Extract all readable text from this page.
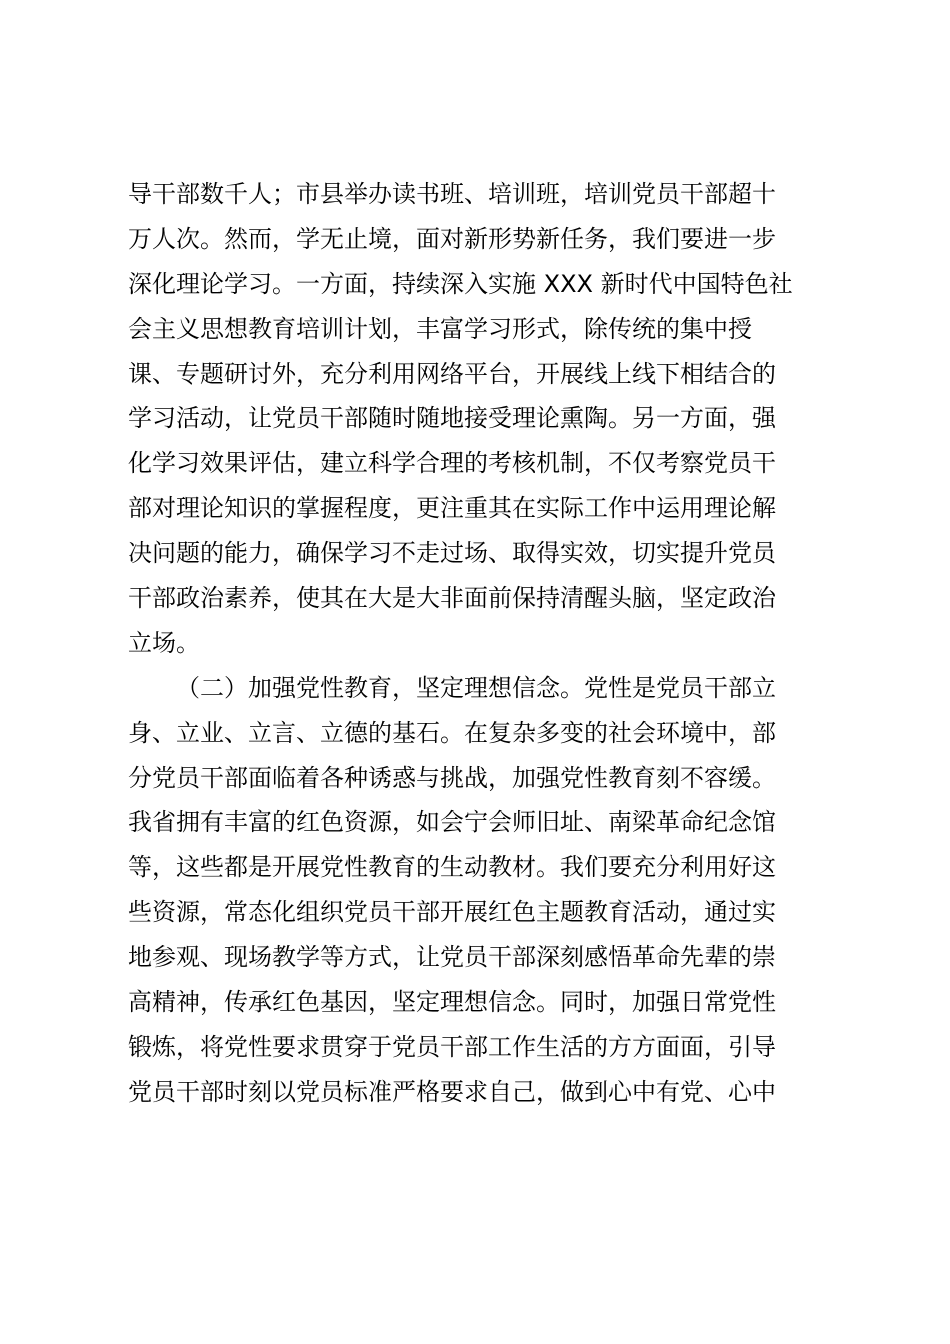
导干部数千人；市县举办读书班、培训班，培训党员干部超十
万人次。然而，学无止境，面对新形势新任务，我们要进一步
深化理论学习。一方面，持续深入实施 XXX 新时代中国特色社
会主义思想教育培训计划，丰富学习形式，除传统的集中授
课、专题研讨外，充分利用网络平台，开展线上线下相结合的
学习活动，让党员干部随时随地接受理论熏陶。另一方面，强
化学习效果评估，建立科学合理的考核机制，不仅考察党员干
部对理论知识的掌握程度，更注重其在实际工作中运用理论解
决问题的能力，确保学习不走过场、取得实效，切实提升党员
干部政治素养，使其在大是大非面前保持清醒头脑，坚定政治
立场。
（二）加强党性教育，坚定理想信念。党性是党员干部立
身、立业、立言、立德的基石。在复杂多变的社会环境中，部
分党员干部面临着各种诱惑与挑战，加强党性教育刻不容缓。
我省拥有丰富的红色资源，如会宁会师旧址、南梁革命纪念馆
等，这些都是开展党性教育的生动教材。我们要充分利用好这
些资源，常态化组织党员干部开展红色主题教育活动，通过实
地参观、现场教学等方式，让党员干部深刻感悟革命先辈的崇
高精神，传承红色基因，坚定理想信念。同时，加强日常党性
锻炼，将党性要求贯穿于党员干部工作生活的方方面面，引导
党员干部时刻以党员标准严格要求自己，做到心中有党、心中
